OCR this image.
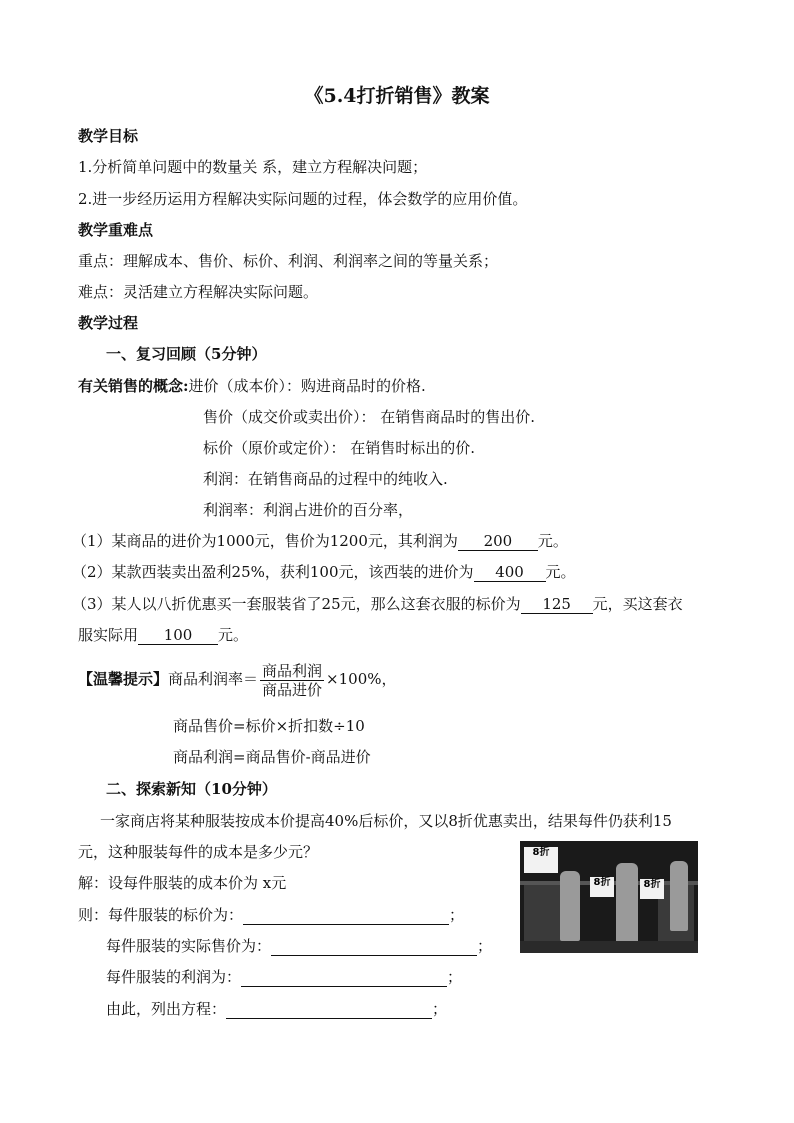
《5.4打折销售》教案
教学目标
1.分析简单问题中的数量关 系，建立方程解决问题；
2.进一步经历运用方程解决实际问题的过程，体会数学的应用价值。
教学重难点
重点：理解成本、售价、标价、利润、利润率之间的等量关系；
难点：灵活建立方程解决实际问题。
教学过程
一、复习回顾（5分钟）
有关销售的概念:进价（成本价）：购进商品时的价格.
售价（成交价或卖出价）： 在销售商品时的售出价.
标价（原价或定价）： 在销售时标出的价.
利润：在销售商品的过程中的纯收入.
利润率：利润占进价的百分率，
（1）某商品的进价为1000元，售价为1200元，其利润为 200 元。
（2）某款西装卖出盈利25%，获利100元，该西装的进价为 400 元。
（3）某人以八折优惠买一套服装省了25元，那么这套衣服的标价为 125 元，买这套衣
服实际用 100 元。
【温馨提示】商品利润率＝ $\frac{\text{商品利润}}{\text{商品进价}} \times 100\%$，
商品售价=标价×折扣数÷10
商品利润=商品售价-商品进价
二、探索新知（10分钟）
一家商店将某种服装按成本价提高40%后标价，又以8折优惠卖出，结果每件仍获利15
元，这种服装每件的成本是多少元？
解：设每件服装的成本价为 x元
则：每件服装的标价为：	；
每件服装的实际售价为：	；
每件服装的利润为：	；
由此，列出方程：	；
8折
8折	8折
